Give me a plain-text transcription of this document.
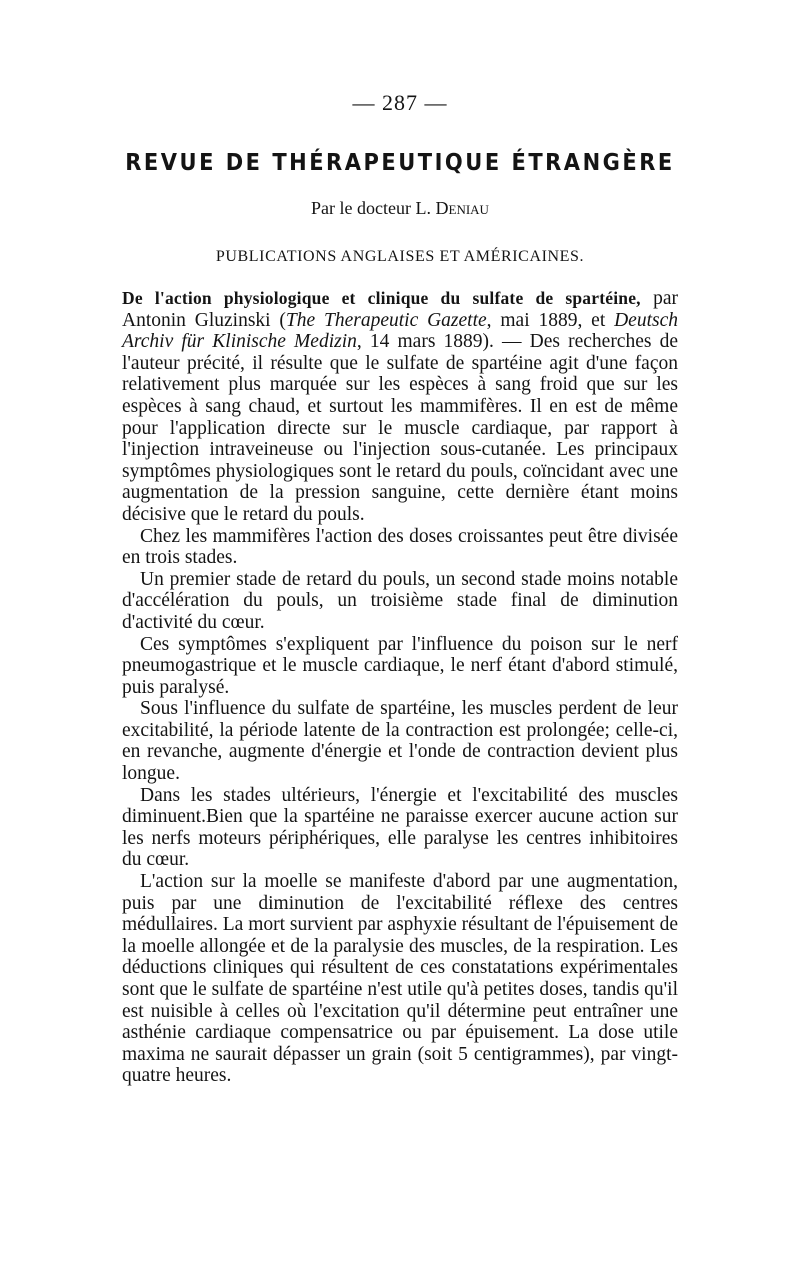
— 287 —
REVUE DE THÉRAPEUTIQUE ÉTRANGÈRE
Par le docteur L. Deniau
PUBLICATIONS ANGLAISES ET AMÉRICAINES.

De l'action physiologique et clinique du sulfate de spartéine, par Antonin Gluzinski (The Therapeutic Gazette, mai 1889, et Deutsch Archiv für Klinische Medizin, 14 mars 1889). — Des recherches de l'auteur précité, il résulte que le sulfate de spartéine agit d'une façon relativement plus marquée sur les espèces à sang froid que sur les espèces à sang chaud, et surtout les mammifères. Il en est de même pour l'application directe sur le muscle cardiaque, par rapport à l'injection intraveineuse ou l'injection sous-cutanée. Les principaux symptômes physiologiques sont le retard du pouls, coïncidant avec une augmentation de la pression sanguine, cette dernière étant moins décisive que le retard du pouls.

Chez les mammifères l'action des doses croissantes peut être divisée en trois stades.

Un premier stade de retard du pouls, un second stade moins notable d'accélération du pouls, un troisième stade final de diminution d'activité du cœur.

Ces symptômes s'expliquent par l'influence du poison sur le nerf pneumogastrique et le muscle cardiaque, le nerf étant d'abord stimulé, puis paralysé.

Sous l'influence du sulfate de spartéine, les muscles perdent de leur excitabilité, la période latente de la contraction est prolongée; celle-ci, en revanche, augmente d'énergie et l'onde de contraction devient plus longue.

Dans les stades ultérieurs, l'énergie et l'excitabilité des muscles diminuent.Bien que la spartéine ne paraisse exercer aucune action sur les nerfs moteurs périphériques, elle paralyse les centres inhibitoires du cœur.

L'action sur la moelle se manifeste d'abord par une augmentation, puis par une diminution de l'excitabilité réflexe des centres médullaires. La mort survient par asphyxie résultant de l'épuisement de la moelle allongée et de la paralysie des muscles, de la respiration. Les déductions cliniques qui résultent de ces constatations expérimentales sont que le sulfate de spartéine n'est utile qu'à petites doses, tandis qu'il est nuisible à celles où l'excitation qu'il détermine peut entraîner une asthénie cardiaque compensatrice ou par épuisement. La dose utile maxima ne saurait dépasser un grain (soit 5 centigrammes), par vingt-quatre heures.
